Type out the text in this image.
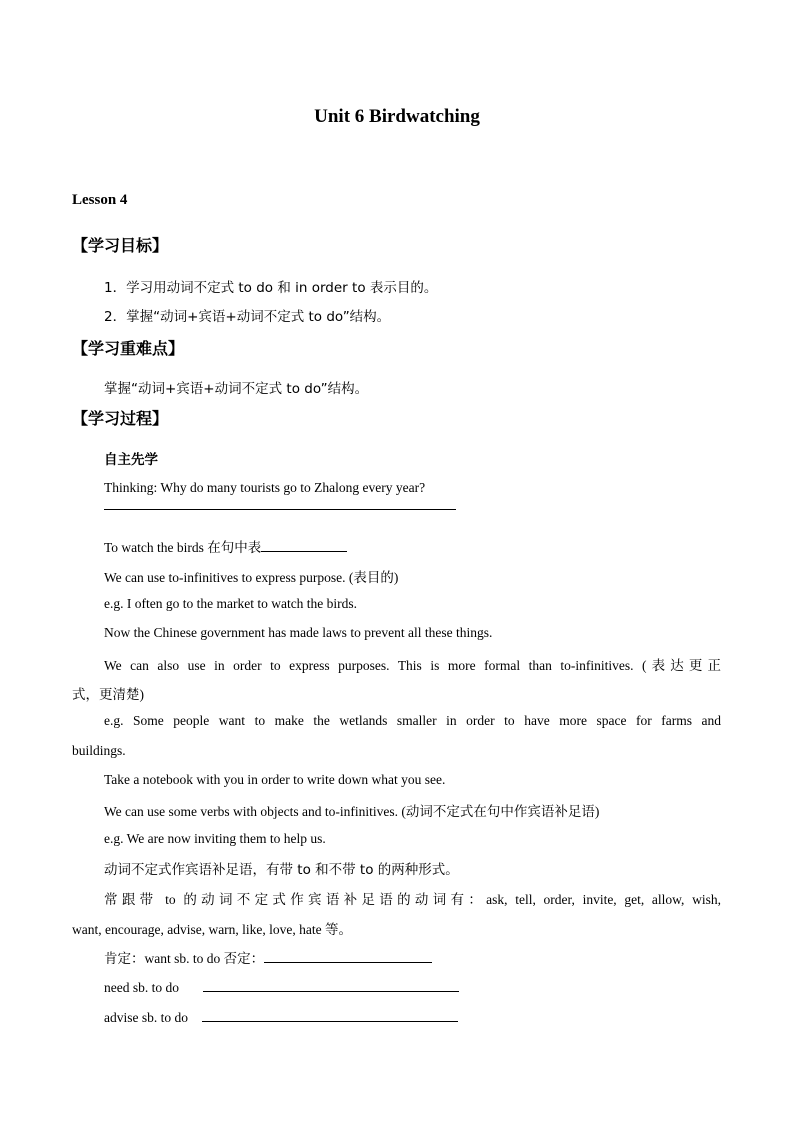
Unit 6 Birdwatching
Lesson 4
【学习目标】
1．学习用动词不定式 to do 和 in order to 表示目的。
2．掌握“动词+宾语+动词不定式 to do”结构。
【学习重难点】
掌握“动词+宾语+动词不定式 to do”结构。
【学习过程】
自主先学
Thinking: Why do many tourists go to Zhalong every year?
To watch the birds 在句中表
We can use to-infinitives to express purpose. (表目的)
e.g. I often go to the market to watch the birds.
Now the Chinese government has made laws to prevent all these things.
We can also use in order to express purposes. This is more formal than to-infinitives. (表达更正
式，更清楚)
e.g. Some people want to make the wetlands smaller in order to have more space for farms and
buildings.
Take a notebook with you in order to write down what you see.
We can use some verbs with objects and to-infinitives. (动词不定式在句中作宾语补足语)
e.g. We are now inviting them to help us.
动词不定式作宾语补足语，有带 to 和不带 to 的两种形式。
常跟带 to 的动词不定式作宾语补足语的动词有：ask, tell, order, invite, get, allow, wish,
want, encourage, advise, warn, like, love, hate 等。
肯定：want sb. to do 否定：
need sb. to do
advise sb. to do
